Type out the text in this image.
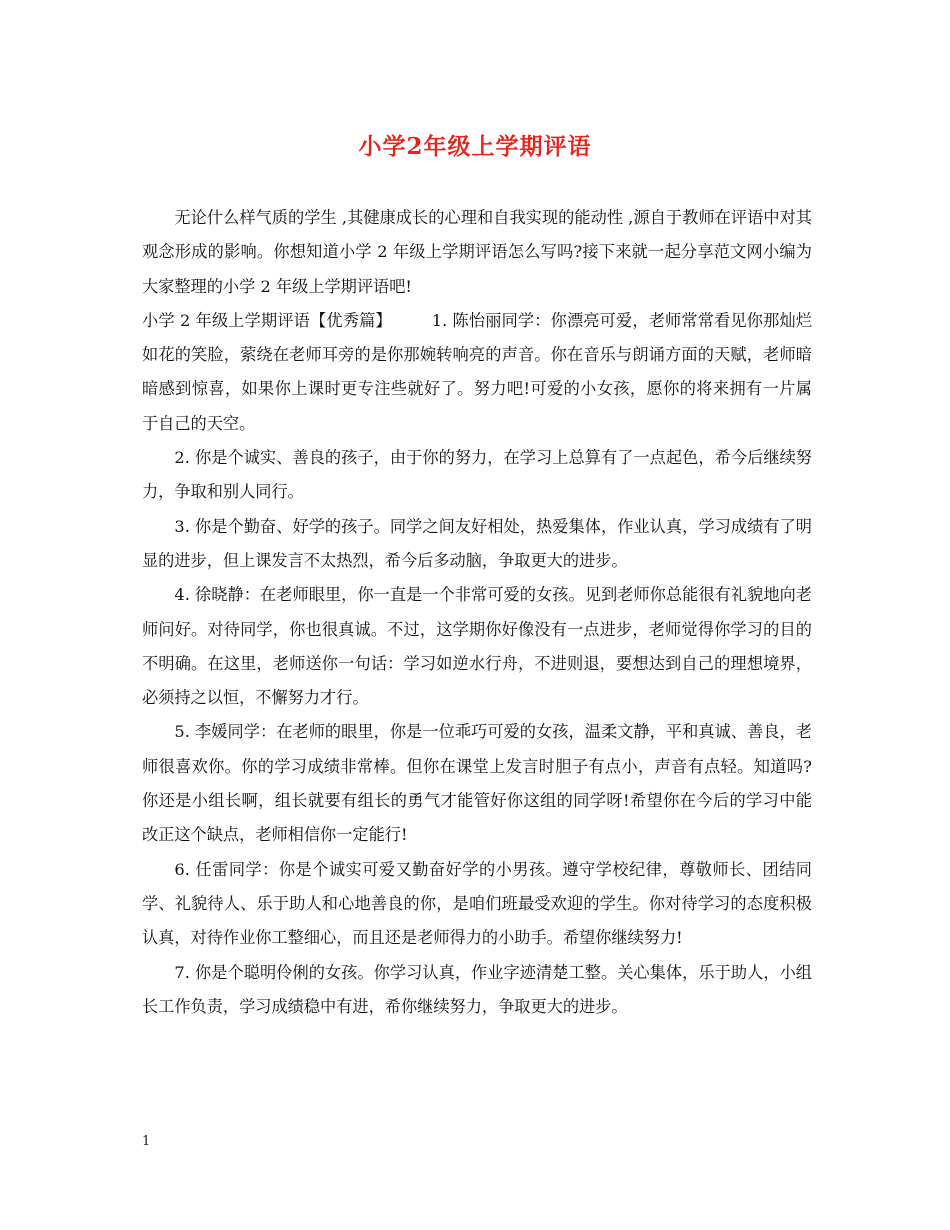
小学2年级上学期评语

无论什么样气质的学生 ,其健康成长的心理和自我实现的能动性 ,源自于教师在评语中对其观念形成的影响。你想知道小学 2 年级上学期评语怎么写吗?接下来就一起分享范文网小编为大家整理的小学 2 年级上学期评语吧!

小学 2 年级上学期评语【优秀篇】 1. 陈怡丽同学：你漂亮可爱，老师常常看见你那灿烂如花的笑脸，萦绕在老师耳旁的是你那婉转响亮的声音。你在音乐与朗诵方面的天赋，老师暗暗感到惊喜，如果你上课时更专注些就好了。努力吧!可爱的小女孩，愿你的将来拥有一片属于自己的天空。

2. 你是个诚实、善良的孩子，由于你的努力，在学习上总算有了一点起色，希今后继续努力，争取和别人同行。

3. 你是个勤奋、好学的孩子。同学之间友好相处，热爱集体，作业认真，学习成绩有了明显的进步，但上课发言不太热烈，希今后多动脑，争取更大的进步。

4. 徐晓静：在老师眼里，你一直是一个非常可爱的女孩。见到老师你总能很有礼貌地向老师问好。对待同学，你也很真诚。不过，这学期你好像没有一点进步，老师觉得你学习的目的不明确。在这里，老师送你一句话：学习如逆水行舟，不进则退，要想达到自己的理想境界，必须持之以恒，不懈努力才行。

5. 李媛同学：在老师的眼里，你是一位乖巧可爱的女孩，温柔文静，平和真诚、善良，老师很喜欢你。你的学习成绩非常棒。但你在课堂上发言时胆子有点小，声音有点轻。知道吗?你还是小组长啊，组长就要有组长的勇气才能管好你这组的同学呀!希望你在今后的学习中能改正这个缺点，老师相信你一定能行!

6. 任雷同学：你是个诚实可爱又勤奋好学的小男孩。遵守学校纪律，尊敬师长、团结同学、礼貌待人、乐于助人和心地善良的你，是咱们班最受欢迎的学生。你对待学习的态度积极认真，对待作业你工整细心，而且还是老师得力的小助手。希望你继续努力!

7. 你是个聪明伶俐的女孩。你学习认真，作业字迹清楚工整。关心集体，乐于助人，小组长工作负责，学习成绩稳中有进，希你继续努力，争取更大的进步。

1
